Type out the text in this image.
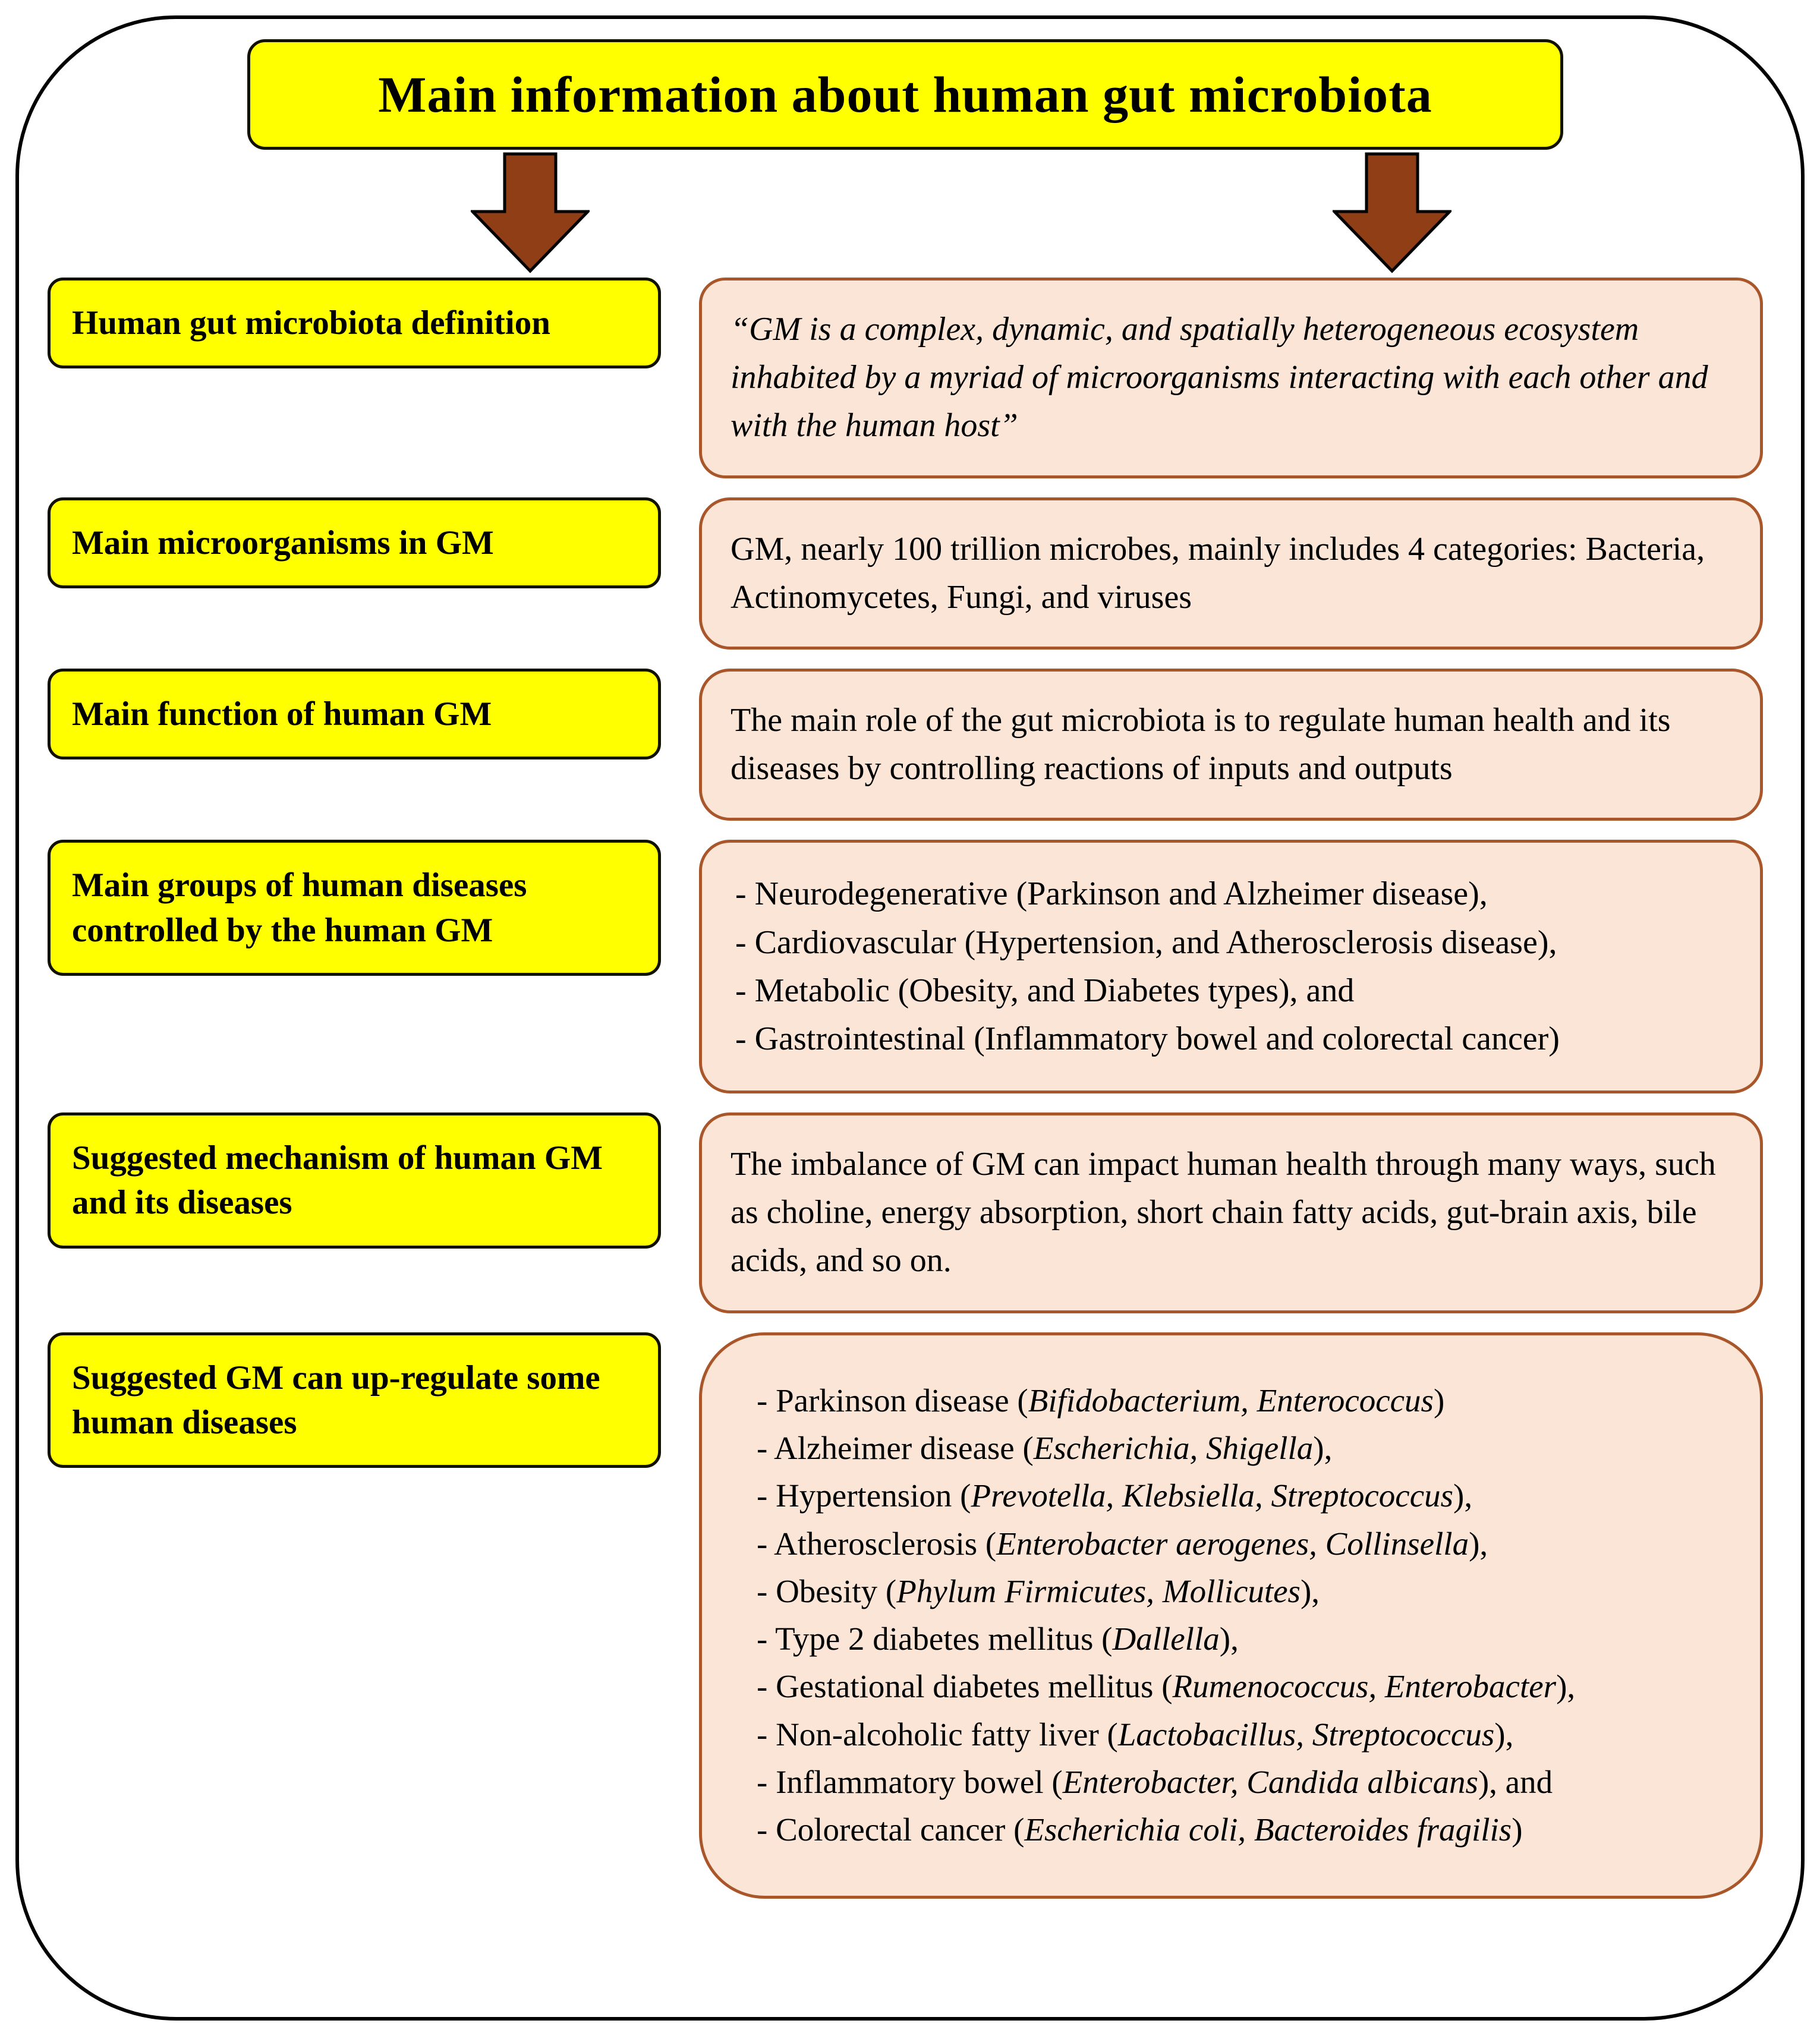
Main information about human gut microbiota
Human gut microbiota definition	“GM is a complex, dynamic, and spatially heterogeneous ecosystem inhabited by a myriad of microorganisms interacting with each other and with the human host”
Main microorganisms in GM	GM, nearly 100 trillion microbes, mainly includes 4 categories: Bacteria, Actinomycetes, Fungi, and viruses
Main function of human GM	The main role of the gut microbiota is to regulate human health and its diseases by controlling reactions of inputs and outputs
Main groups of human diseases controlled by the human GM
- Neurodegenerative (Parkinson and Alzheimer disease),
- Cardiovascular (Hypertension, and Atherosclerosis disease),
- Metabolic (Obesity, and Diabetes types), and
- Gastrointestinal (Inflammatory bowel and colorectal cancer)
Suggested mechanism of human GM and its diseases
The imbalance of GM can impact human health through many ways, such as choline, energy absorption, short chain fatty acids, gut-brain axis, bile acids, and so on.
Suggested GM can up-regulate some human diseases
- Parkinson disease (Bifidobacterium, Enterococcus)
- Alzheimer disease (Escherichia, Shigella),
- Hypertension (Prevotella, Klebsiella, Streptococcus),
- Atherosclerosis (Enterobacter aerogenes, Collinsella),
- Obesity (Phylum Firmicutes, Mollicutes),
- Type 2 diabetes mellitus (Dallella),
- Gestational diabetes mellitus (Rumenococcus, Enterobacter),
- Non-alcoholic fatty liver (Lactobacillus, Streptococcus),
- Inflammatory bowel (Enterobacter, Candida albicans), and
- Colorectal cancer (Escherichia coli, Bacteroides fragilis)
